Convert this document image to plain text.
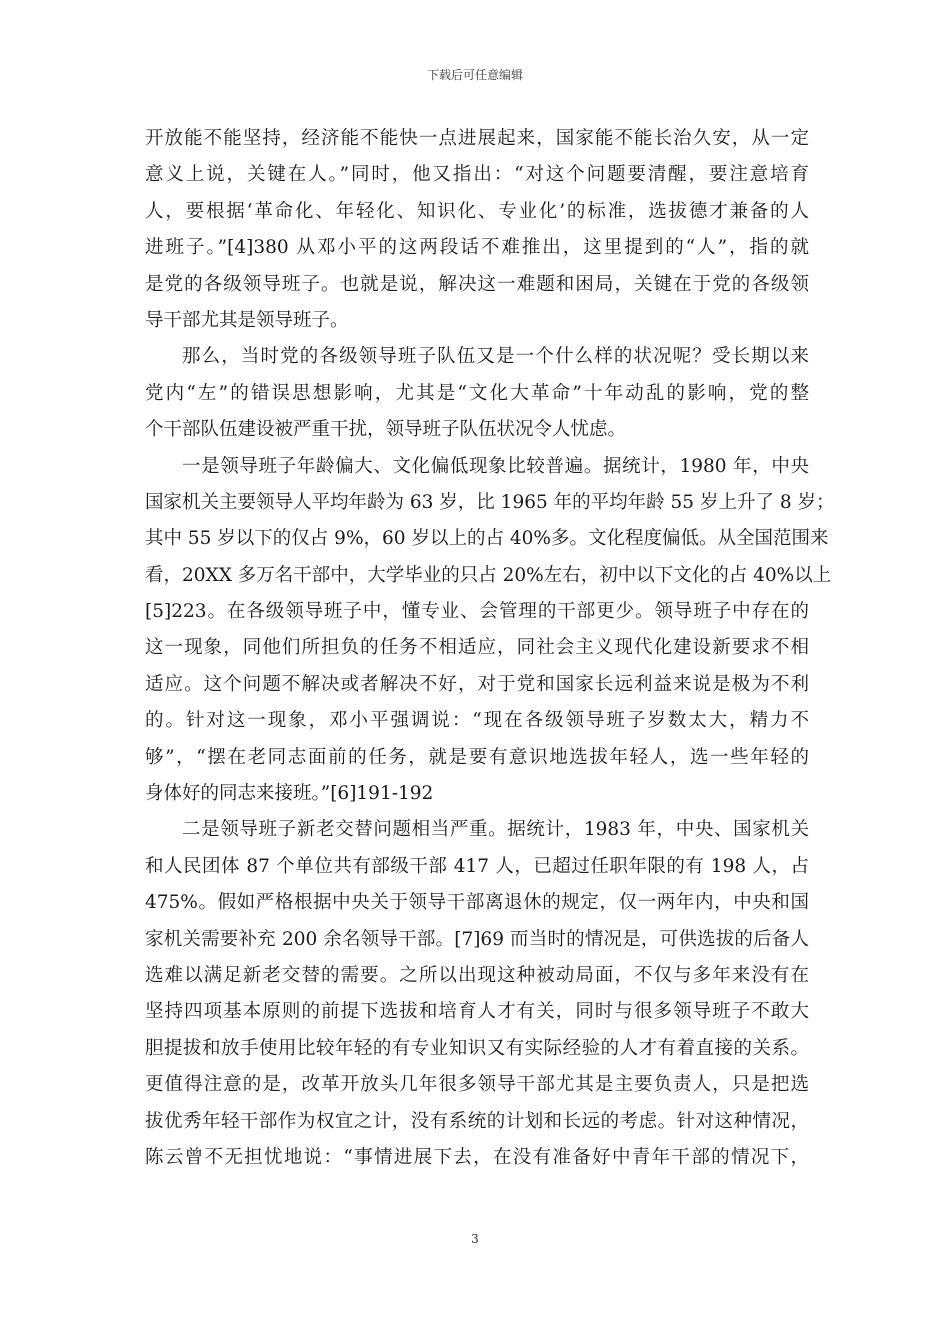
下载后可任意编辑
开放能不能坚持，经济能不能快一点进展起来，国家能不能长治久安，从一定
意义上说，关键在人。”同时，他又指出：“对这个问题要清醒，要注意培育
人，要根据‘革命化、年轻化、知识化、专业化’的标准，选拔德才兼备的人
进班子。”[4]380 从邓小平的这两段话不难推出，这里提到的“人”，指的就
是党的各级领导班子。也就是说，解决这一难题和困局，关键在于党的各级领
导干部尤其是领导班子。
那么，当时党的各级领导班子队伍又是一个什么样的状况呢？受长期以来
党内“左”的错误思想影响，尤其是“文化大革命”十年动乱的影响，党的整
个干部队伍建设被严重干扰，领导班子队伍状况令人忧虑。
一是领导班子年龄偏大、文化偏低现象比较普遍。据统计，1980 年，中央
国家机关主要领导人平均年龄为 63 岁，比 1965 年的平均年龄 55 岁上升了 8 岁；
其中 55 岁以下的仅占 9%，60 岁以上的占 40%多。文化程度偏低。从全国范围来
看，20XX 多万名干部中，大学毕业的只占 20%左右，初中以下文化的占 40%以上
[5]223。在各级领导班子中，懂专业、会管理的干部更少。领导班子中存在的
这一现象，同他们所担负的任务不相适应，同社会主义现代化建设新要求不相
适应。这个问题不解决或者解决不好，对于党和国家长远利益来说是极为不利
的。针对这一现象，邓小平强调说：“现在各级领导班子岁数太大，精力不
够”，“摆在老同志面前的任务，就是要有意识地选拔年轻人，选一些年轻的
身体好的同志来接班。”[6]191-192
二是领导班子新老交替问题相当严重。据统计，1983 年，中央、国家机关
和人民团体 87 个单位共有部级干部 417 人，已超过任职年限的有 198 人，占
475%。假如严格根据中央关于领导干部离退休的规定，仅一两年内，中央和国
家机关需要补充 200 余名领导干部。[7]69 而当时的情况是，可供选拔的后备人
选难以满足新老交替的需要。之所以出现这种被动局面，不仅与多年来没有在
坚持四项基本原则的前提下选拔和培育人才有关，同时与很多领导班子不敢大
胆提拔和放手使用比较年轻的有专业知识又有实际经验的人才有着直接的关系。
更值得注意的是，改革开放头几年很多领导干部尤其是主要负责人，只是把选
拔优秀年轻干部作为权宜之计，没有系统的计划和长远的考虑。针对这种情况，
陈云曾不无担忧地说：“事情进展下去，在没有准备好中青年干部的情况下，
3
